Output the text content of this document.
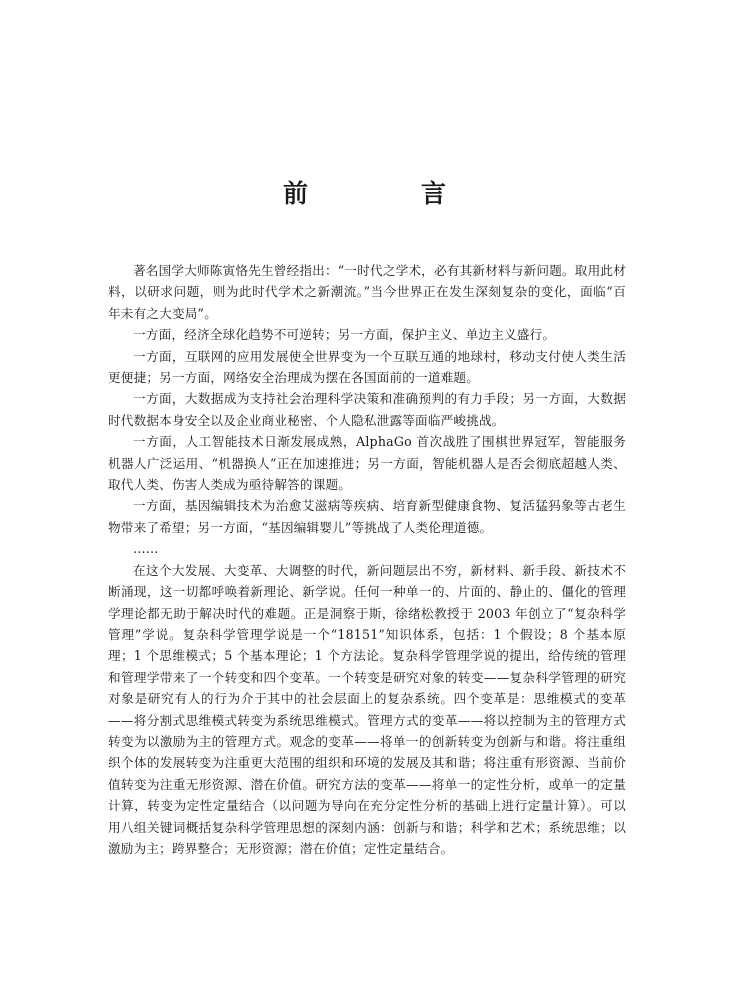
前　言

著名国学大师陈寅恪先生曾经指出：“一时代之学术，必有其新材料与新问题。取用此材料，以研求问题，则为此时代学术之新潮流。”当今世界正在发生深刻复杂的变化，面临“百年未有之大变局”。

一方面，经济全球化趋势不可逆转；另一方面，保护主义、单边主义盛行。

一方面，互联网的应用发展使全世界变为一个互联互通的地球村，移动支付使人类生活更便捷；另一方面，网络安全治理成为摆在各国面前的一道难题。

一方面，大数据成为支持社会治理科学决策和准确预判的有力手段；另一方面，大数据时代数据本身安全以及企业商业秘密、个人隐私泄露等面临严峻挑战。

一方面，人工智能技术日渐发展成熟，AlphaGo 首次战胜了围棋世界冠军，智能服务机器人广泛运用、“机器换人”正在加速推进；另一方面，智能机器人是否会彻底超越人类、取代人类、伤害人类成为亟待解答的课题。

一方面，基因编辑技术为治愈艾滋病等疾病、培育新型健康食物、复活猛犸象等古老生物带来了希望；另一方面，“基因编辑婴儿”等挑战了人类伦理道德。

……

在这个大发展、大变革、大调整的时代，新问题层出不穷，新材料、新手段、新技术不断涌现，这一切都呼唤着新理论、新学说。任何一种单一的、片面的、静止的、僵化的管理学理论都无助于解决时代的难题。正是洞察于斯，徐绪松教授于 2003 年创立了“复杂科学管理”学说。复杂科学管理学说是一个“18151”知识体系，包括：1 个假设；8 个基本原理；1 个思维模式；5 个基本理论；1 个方法论。复杂科学管理学说的提出，给传统的管理和管理学带来了一个转变和四个变革。一个转变是研究对象的转变——复杂科学管理的研究对象是研究有人的行为介于其中的社会层面上的复杂系统。四个变革是：思维模式的变革——将分割式思维模式转变为系统思维模式。管理方式的变革——将以控制为主的管理方式转变为以激励为主的管理方式。观念的变革——将单一的创新转变为创新与和谐。将注重组织个体的发展转变为注重更大范围的组织和环境的发展及其和谐；将注重有形资源、当前价值转变为注重无形资源、潜在价值。研究方法的变革——将单一的定性分析，或单一的定量计算，转变为定性定量结合（以问题为导向在充分定性分析的基础上进行定量计算）。可以用八组关键词概括复杂科学管理思想的深刻内涵：创新与和谐；科学和艺术；系统思维；以激励为主；跨界整合；无形资源；潜在价值；定性定量结合。
